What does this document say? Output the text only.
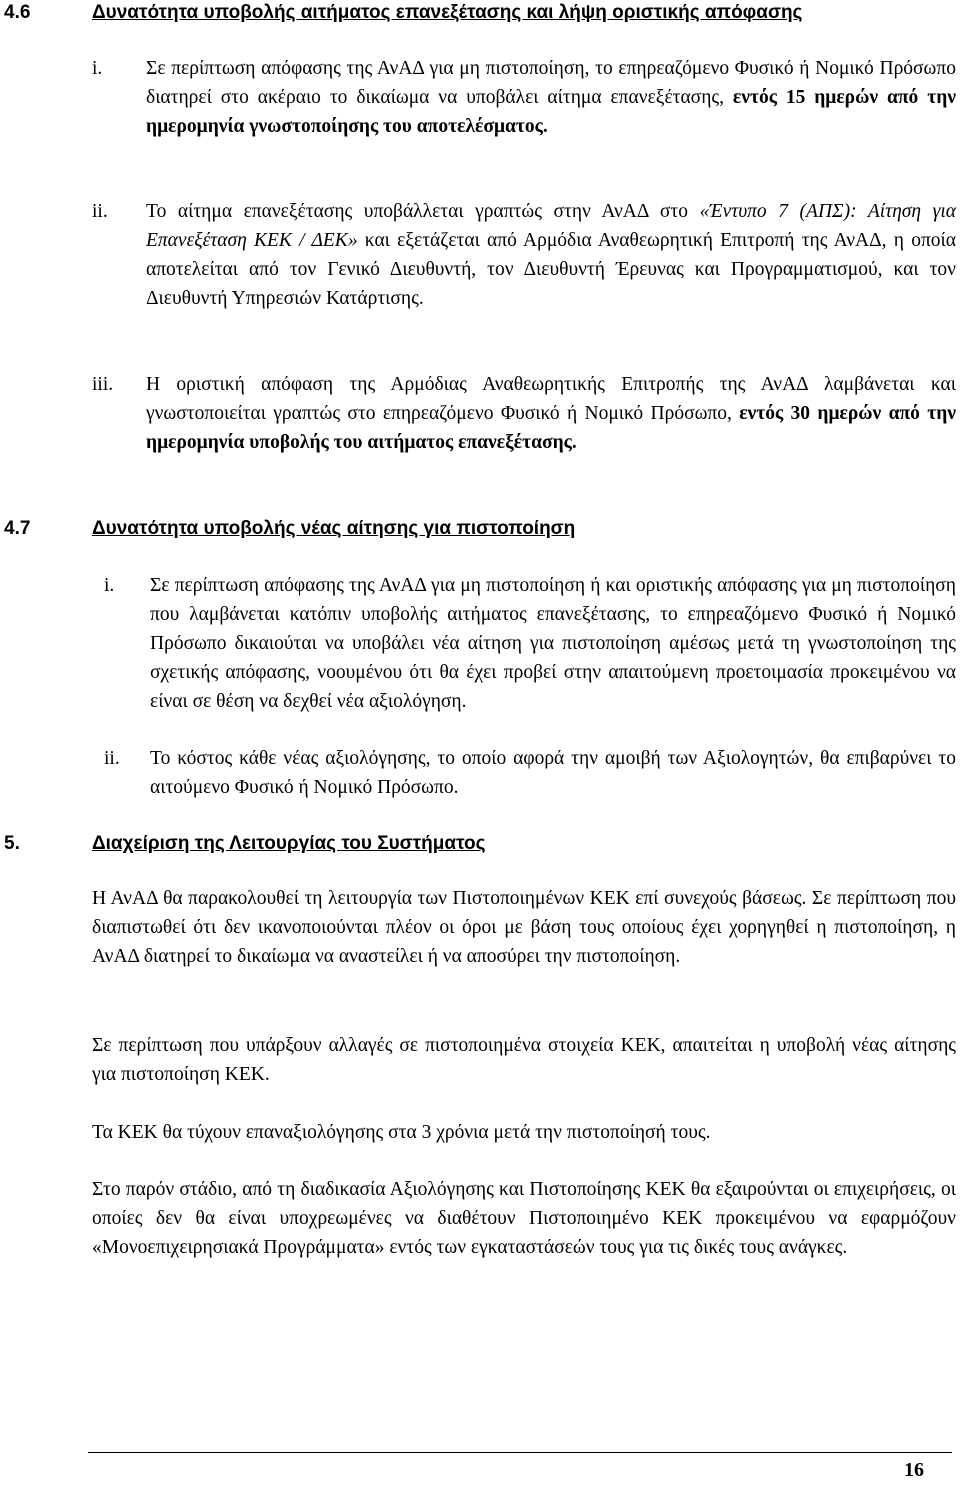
4.6	Δυνατότητα υποβολής αιτήματος επανεξέτασης και λήψη οριστικής απόφασης
i. Σε περίπτωση απόφασης της ΑνΑΔ για μη πιστοποίηση, το επηρεαζόμενο Φυσικό ή Νομικό Πρόσωπο διατηρεί στο ακέραιο το δικαίωμα να υποβάλει αίτημα επανεξέτασης, εντός 15 ημερών από την ημερομηνία γνωστοποίησης του αποτελέσματος.
ii. Το αίτημα επανεξέτασης υποβάλλεται γραπτώς στην ΑνΑΔ στο «Έντυπο 7 (ΑΠΣ): Αίτηση για Επανεξέταση ΚΕΚ / ΔΕΚ» και εξετάζεται από Αρμόδια Αναθεωρητική Επιτροπή της ΑνΑΔ, η οποία αποτελείται από τον Γενικό Διευθυντή, τον Διευθυντή Έρευνας και Προγραμματισμού, και τον Διευθυντή Υπηρεσιών Κατάρτισης.
iii. Η οριστική απόφαση της Αρμόδιας Αναθεωρητικής Επιτροπής της ΑνΑΔ λαμβάνεται και γνωστοποιείται γραπτώς στο επηρεαζόμενο Φυσικό ή Νομικό Πρόσωπο, εντός 30 ημερών από την ημερομηνία υποβολής του αιτήματος επανεξέτασης.
4.7	Δυνατότητα υποβολής νέας αίτησης για πιστοποίηση
i. Σε περίπτωση απόφασης της ΑνΑΔ για μη πιστοποίηση ή και οριστικής απόφασης για μη πιστοποίηση που λαμβάνεται κατόπιν υποβολής αιτήματος επανεξέτασης, το επηρεαζόμενο Φυσικό ή Νομικό Πρόσωπο δικαιούται να υποβάλει νέα αίτηση για πιστοποίηση αμέσως μετά τη γνωστοποίηση της σχετικής απόφασης, νοουμένου ότι θα έχει προβεί στην απαιτούμενη προετοιμασία προκειμένου να είναι σε θέση να δεχθεί νέα αξιολόγηση.
ii. Το κόστος κάθε νέας αξιολόγησης, το οποίο αφορά την αμοιβή των Αξιολογητών, θα επιβαρύνει το αιτούμενο Φυσικό ή Νομικό Πρόσωπο.
5.	Διαχείριση της Λειτουργίας του Συστήματος
Η ΑνΑΔ θα παρακολουθεί τη λειτουργία των Πιστοποιημένων ΚΕΚ επί συνεχούς βάσεως. Σε περίπτωση που διαπιστωθεί ότι δεν ικανοποιούνται πλέον οι όροι με βάση τους οποίους έχει χορηγηθεί η πιστοποίηση, η ΑνΑΔ διατηρεί το δικαίωμα να αναστείλει ή να αποσύρει την πιστοποίηση.
Σε περίπτωση που υπάρξουν αλλαγές σε πιστοποιημένα στοιχεία ΚΕΚ, απαιτείται η υποβολή νέας αίτησης για πιστοποίηση ΚΕΚ.
Τα ΚΕΚ θα τύχουν επαναξιολόγησης στα 3 χρόνια μετά την πιστοποίησή τους.
Στο παρόν στάδιο, από τη διαδικασία Αξιολόγησης και Πιστοποίησης ΚΕΚ θα εξαιρούνται οι επιχειρήσεις, οι οποίες δεν θα είναι υποχρεωμένες να διαθέτουν Πιστοποιημένο ΚΕΚ προκειμένου να εφαρμόζουν «Μονοεπιχειρησιακά Προγράμματα» εντός των εγκαταστάσεών τους για τις δικές τους ανάγκες.
16
